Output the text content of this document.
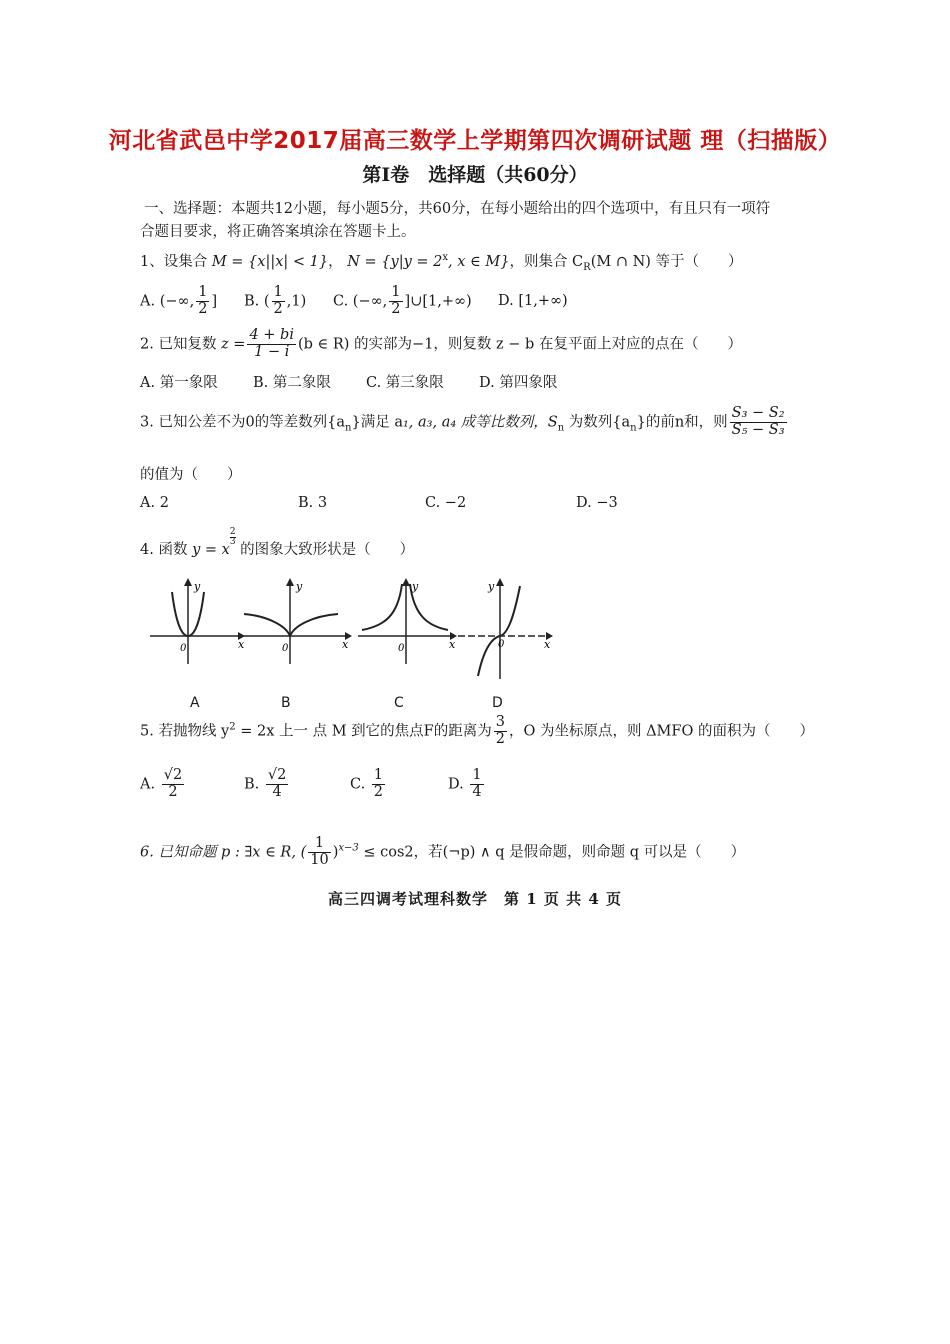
河北省武邑中学2017届高三数学上学期第四次调研试题 理（扫描版）
第Ⅰ卷　选择题（共60分）
一、选择题：本题共12小题，每小题5分，共60分，在每小题给出的四个选项中，有且只有一项符
合题目要求，将正确答案填涂在答题卡上。
1、设集合 M = {x||x| < 1}， $N = \{y|y = 2^x$, x ∈ M}，则集合 $C_R(M$ ∩ N) 等于（　　）
A. (−∞, $\frac{1}{2}$ ] B. ( $\frac{1}{2} ,1$) C. (−∞, $\frac{1}{2}$ ]∪[1,+∞) D. [1,+∞)
2. 已知复数 $z = \frac{4 + bi}{1 - i} (b$ ∈ R) 的实部为−1，则复数 z − b 在复平面上对应的点在（　　）
A. 第一象限 B. 第二象限 C. 第三象限 D. 第四象限
3. 已知公差不为0的等差数列$\{a_n\}$满足 a₁, a₃, a₄ 成等比数列，$S_n$ 为数列$\{a_n\}$的前n和，则 $\frac{\text{S₃ − S₂}}{\text{S₅ − S₃}}$
的值为（　　）
A. 2	B. 3	C. −2	D. −3
4. 函数 y = x
$\frac{2}{3}$
的图象大致形状是（　　）
y
x
0
y
x
0
y
x
0
y
x
0
A	B	C	D
5. 若抛物线 $y^2 = 2x$ 上一 点 M 到它的焦点F的距离为 $\frac{3}{2}$ ，O 为坐标原点，则 ΔMFO 的面积为（　　）
A. $\frac{√2}{2}$	B. $\frac{√2}{4}$	C. $\frac{1}{2}$	D. $\frac{1}{4}$
6. 已知命题 p : ∃x ∈ R, ( $\frac{1}{10} )^{x-3} \le \cos 2$，若(¬p) ∧ q 是假命题，则命题 q 可以是（　　）
高三四调考试理科数学　第 1 页 共 4 页
